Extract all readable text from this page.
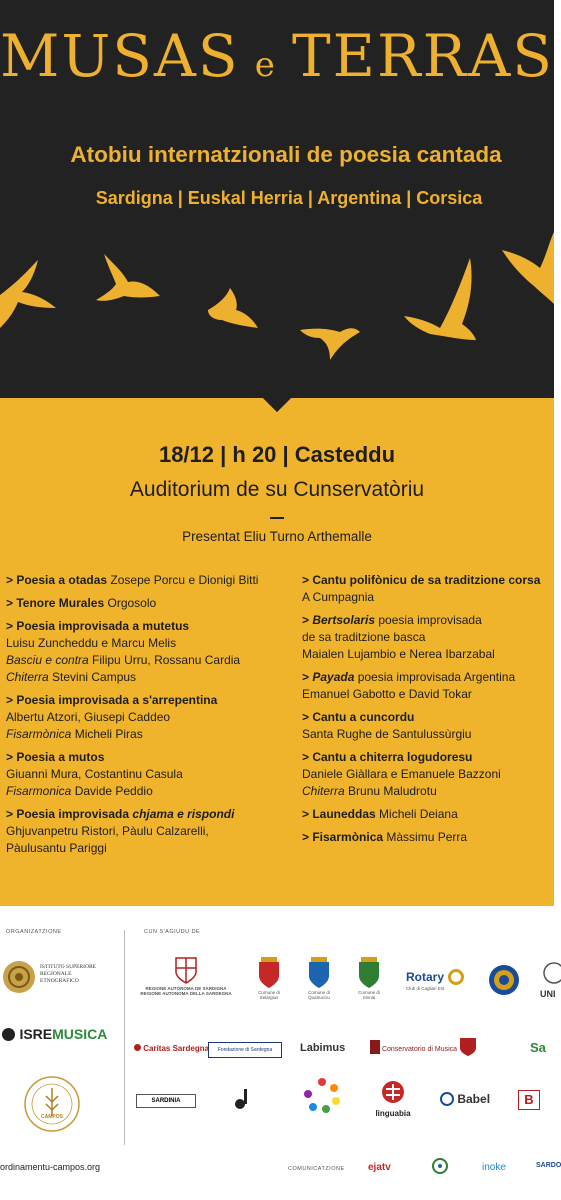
MUSAS e TERRAS
Atobiu internatzionali de poesia cantada
Sardigna | Euskal Herria | Argentina | Corsica
18/12 | h 20 | Casteddu
Auditorium de su Cunservatòriu
Presentat Eliu Turno Arthemalle
> Poesia a otadas Zosepe Porcu e Dionigi Bitti
> Tenore Murales Orgosolo
> Poesia improvisada a mutetus
Luisu Zuncheddu e Marcu Melis
Basciu e contra Filipu Urru, Rossanu Cardia
Chiterra Stevini Campus
> Poesia improvisada a s'arrepentina
Albertu Atzori, Giusepi Caddeo
Fisarmònica Micheli Piras
> Poesia a mutos
Giuanni Mura, Costantinu Casula
Fisarmonica Davide Peddio
> Poesia improvisada chjama e rispondi
Ghjuvanpetru Ristori, Pàulu Calzarelli,
Pàulusantu Pariggi
> Cantu polifònicu de sa traditzione corsa
A Cumpagnia
> Bertsolaris poesia improvisada
de sa traditzione basca
Maialen Lujambio e Nerea Ibarzabal
> Payada poesia improvisada Argentina
Emanuel Gabotto e David Tokar
> Cantu a cuncordu
Santa Rughe de Santulussùrgiu
> Cantu a chiterra logudoresu
Daniele Giàllara e Emanuele Bazzoni
Chiterra Brunu Maludrotu
> Launeddas Micheli Deiana
> Fisarmònica Màssimu Perra
ORGANIZATZIONE	CUN S'AGIUDU DE
ISTITUTO SUPERIORE REGIONALE ETNOGRAFICO
ISREMUSICA
CAMPOS
REGIONE AUTÒNOMA DE SARDIGNA REGIONE AUTONOMA DELLA SARDEGNA	Comune di Selargius
Comune di Quartucciu
Comune di Sinnai
Rotary
Club di Cagliari Est
UNI
Caritas Sardegna	Fondazione di Sardegna	Labimus	Conservatorio di Musica	Sa
SARDINIA
linguabia
Babel	B
ordinamentu-campos.org	COMUNICATZIONE ejatv	inoke	SARDO
